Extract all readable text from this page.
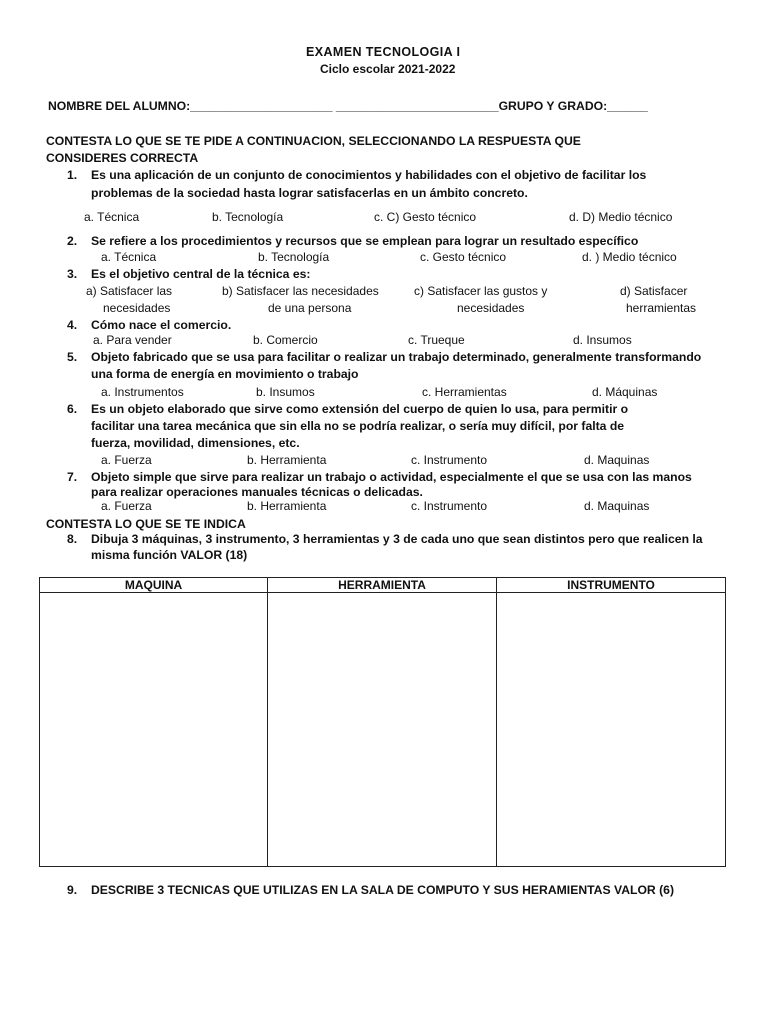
EXAMEN TECNOLOGIA I
Ciclo escolar 2021-2022
NOMBRE DEL ALUMNO:_____________________ ________________________GRUPO Y GRADO:______
CONTESTA LO QUE SE TE PIDE A CONTINUACION, SELECCIONANDO LA RESPUESTA QUE
CONSIDERES CORRECTA
1. Es una aplicación de un conjunto de conocimientos y habilidades con el objetivo de facilitar los
problemas de la sociedad hasta lograr satisfacerlas en un ámbito concreto.
a. Técnica	b. Tecnología	c. C) Gesto técnico	d. D) Medio técnico
2. Se refiere a los procedimientos y recursos que se emplean para lograr un resultado específico
a. Técnica	b. Tecnología	c. Gesto técnico	d. ) Medio técnico
3. Es el objetivo central de la técnica es:
a) Satisfacer las	b) Satisfacer las necesidades	c) Satisfacer las gustos y	d) Satisfacer
necesidades	de una persona	necesidades	herramientas
4. Cómo nace el comercio.
a. Para vender	b. Comercio	c. Trueque	d. Insumos
5. Objeto fabricado que se usa para facilitar o realizar un trabajo determinado, generalmente transformando
una forma de energía en movimiento o trabajo
a. Instrumentos	b. Insumos	c. Herramientas	d. Máquinas
6. Es un objeto elaborado que sirve como extensión del cuerpo de quien lo usa, para permitir o
facilitar una tarea mecánica que sin ella no se podría realizar, o sería muy difícil, por falta de
fuerza, movilidad, dimensiones, etc.
a. Fuerza	b. Herramienta	c. Instrumento	d. Maquinas
7. Objeto simple que sirve para realizar un trabajo o actividad, especialmente el que se usa con las manos
para realizar operaciones manuales técnicas o delicadas.
a. Fuerza	b. Herramienta	c. Instrumento	d. Maquinas
CONTESTA LO QUE SE TE INDICA
8. Dibuja 3 máquinas, 3 instrumento, 3 herramientas y 3 de cada uno que sean distintos pero que realicen la
misma función VALOR (18)
MAQUINA	HERRAMIENTA	INSTRUMENTO

9. DESCRIBE 3 TECNICAS QUE UTILIZAS EN LA SALA DE COMPUTO Y SUS HERAMIENTAS VALOR (6)
